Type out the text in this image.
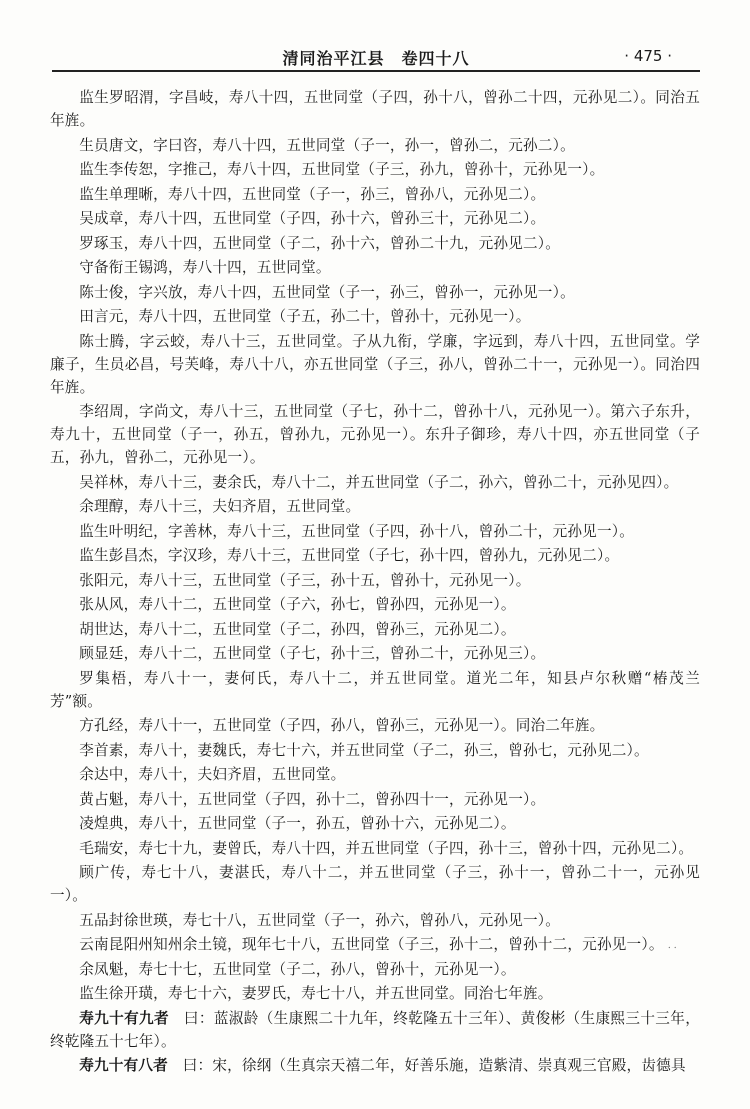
清同治平江县　卷四十八	· 475 ·

监生罗昭渭，字昌岐，寿八十四，五世同堂（子四，孙十八，曾孙二十四，元孙见二）。同治五年旌。

生员唐文，字曰咨，寿八十四，五世同堂（子一，孙一，曾孙二，元孙二）。

监生李传恕，字推己，寿八十四，五世同堂（子三，孙九，曾孙十，元孙见一）。

监生单理晰，寿八十四，五世同堂（子一，孙三，曾孙八，元孙见二）。

吴成章，寿八十四，五世同堂（子四，孙十六，曾孙三十，元孙见二）。

罗琢玉，寿八十四，五世同堂（子二，孙十六，曾孙二十九，元孙见二）。

守备衔王锡鸿，寿八十四，五世同堂。

陈士俊，字兴放，寿八十四，五世同堂（子一，孙三，曾孙一，元孙见一）。

田言元，寿八十四，五世同堂（子五，孙二十，曾孙十，元孙见一）。

陈士腾，字云蛟，寿八十三，五世同堂。子从九衔，学廉，字远到，寿八十四，五世同堂。学廉子，生员必昌，号芙峰，寿八十八，亦五世同堂（子三，孙八，曾孙二十一，元孙见一）。同治四年旌。

李绍周，字尚文，寿八十三，五世同堂（子七，孙十二，曾孙十八，元孙见一）。第六子东升，寿九十，五世同堂（子一，孙五，曾孙九，元孙见一）。东升子御珍，寿八十四，亦五世同堂（子五，孙九，曾孙二，元孙见一）。

吴祥林，寿八十三，妻余氏，寿八十二，并五世同堂（子二，孙六，曾孙二十，元孙见四）。

余理醇，寿八十三，夫妇齐眉，五世同堂。

监生叶明纪，字善林，寿八十三，五世同堂（子四，孙十八，曾孙二十，元孙见一）。

监生彭昌杰，字汉珍，寿八十三，五世同堂（子七，孙十四，曾孙九，元孙见二）。

张阳元，寿八十三，五世同堂（子三，孙十五，曾孙十，元孙见一）。

张从风，寿八十二，五世同堂（子六，孙七，曾孙四，元孙见一）。

胡世达，寿八十二，五世同堂（子二，孙四，曾孙三，元孙见二）。

顾显廷，寿八十二，五世同堂（子七，孙十三，曾孙二十，元孙见三）。

罗集梧，寿八十一，妻何氏，寿八十二，并五世同堂。道光二年，知县卢尔秋赠“椿茂兰芳”额。

方孔经，寿八十一，五世同堂（子四，孙八，曾孙三，元孙见一）。同治二年旌。

李首素，寿八十，妻魏氏，寿七十六，并五世同堂（子二，孙三，曾孙七，元孙见二）。

余达中，寿八十，夫妇齐眉，五世同堂。

黄占魁，寿八十，五世同堂（子四，孙十二，曾孙四十一，元孙见一）。

凌煌典，寿八十，五世同堂（子一，孙五，曾孙十六，元孙见二）。

毛瑞安，寿七十九，妻曾氏，寿八十四，并五世同堂（子四，孙十三，曾孙十四，元孙见二）。

顾广传，寿七十八，妻湛氏，寿八十二，并五世同堂（子三，孙十一，曾孙二十一，元孙见一）。

五品封徐世瑛，寿七十八，五世同堂（子一，孙六，曾孙八，元孙见一）。

云南昆阳州知州余土镜，现年七十八，五世同堂（子三，孙十二，曾孙十二，元孙见一）。

余凤魁，寿七十七，五世同堂（子二，孙八，曾孙十，元孙见一）。

监生徐开璜，寿七十六，妻罗氏，寿七十八，并五世同堂。同治七年旌。

寿九十有九者　曰：蓝淑龄（生康熙二十九年，终乾隆五十三年）、黄俊彬（生康熙三十三年，终乾隆五十七年）。

寿九十有八者　曰：宋，徐纲（生真宗天禧二年，好善乐施，造紫清、崇真观三官殿，齿德具

⸱ ⸱
